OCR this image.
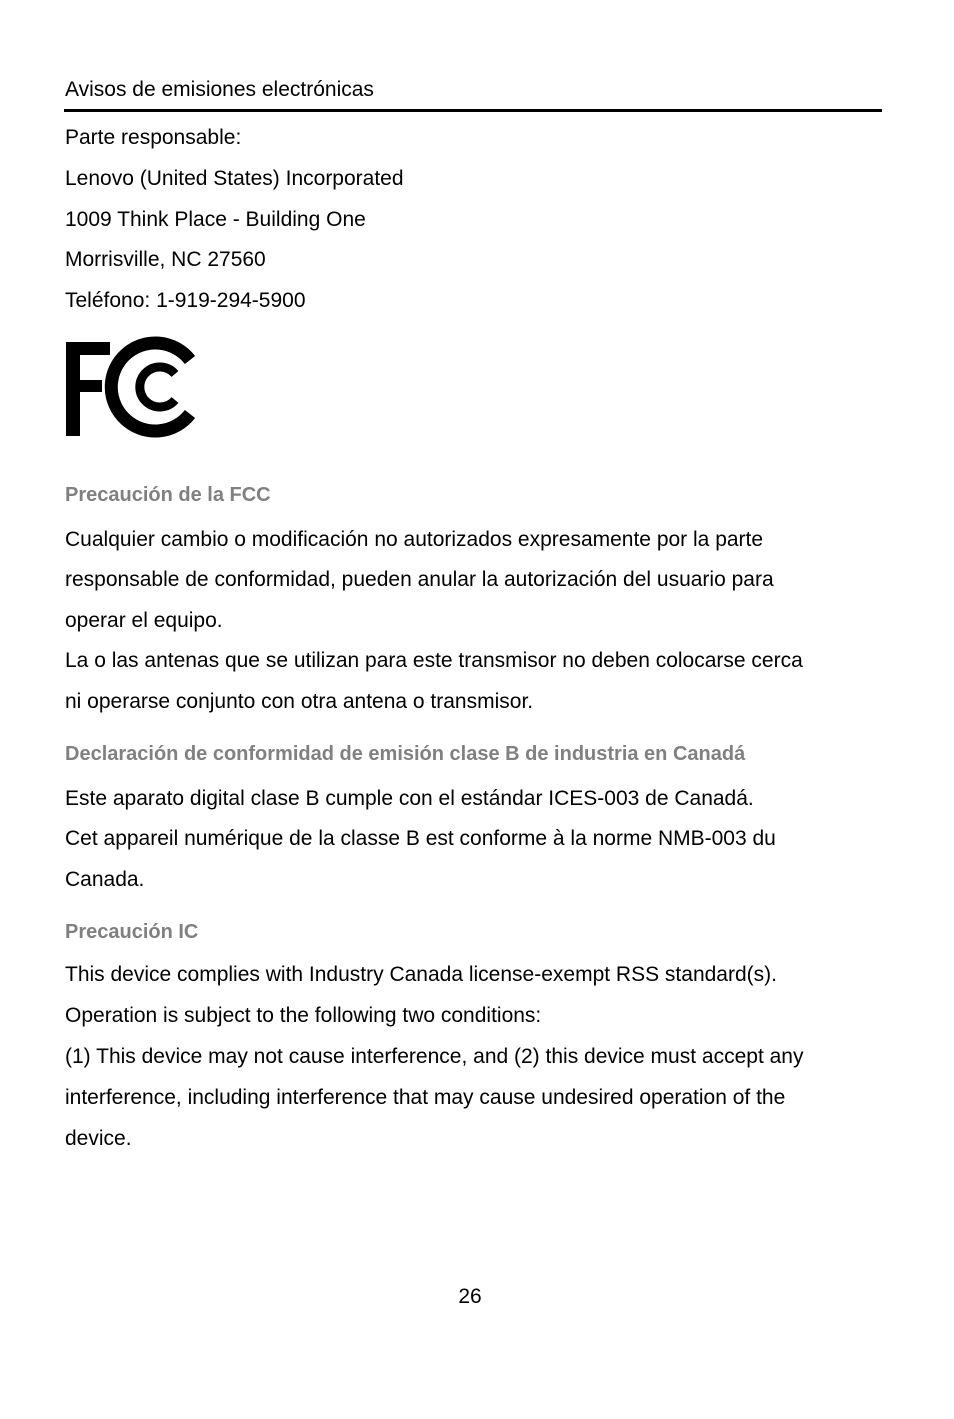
Avisos de emisiones electrónicas
Parte responsable:
Lenovo (United States) Incorporated
1009 Think Place - Building One
Morrisville, NC 27560
Teléfono: 1-919-294-5900
Precaución de la FCC
Cualquier cambio o modificación no autorizados expresamente por la parte
responsable de conformidad, pueden anular la autorización del usuario para
operar el equipo.
La o las antenas que se utilizan para este transmisor no deben colocarse cerca
ni operarse conjunto con otra antena o transmisor.
Declaración de conformidad de emisión clase B de industria en Canadá
Este aparato digital clase B cumple con el estándar ICES-003 de Canadá.
Cet appareil numérique de la classe B est conforme à la norme NMB-003 du
Canada.
Precaución IC
This device complies with Industry Canada license-exempt RSS standard(s).
Operation is subject to the following two conditions:
(1) This device may not cause interference, and (2) this device must accept any
interference, including interference that may cause undesired operation of the
device.
26
